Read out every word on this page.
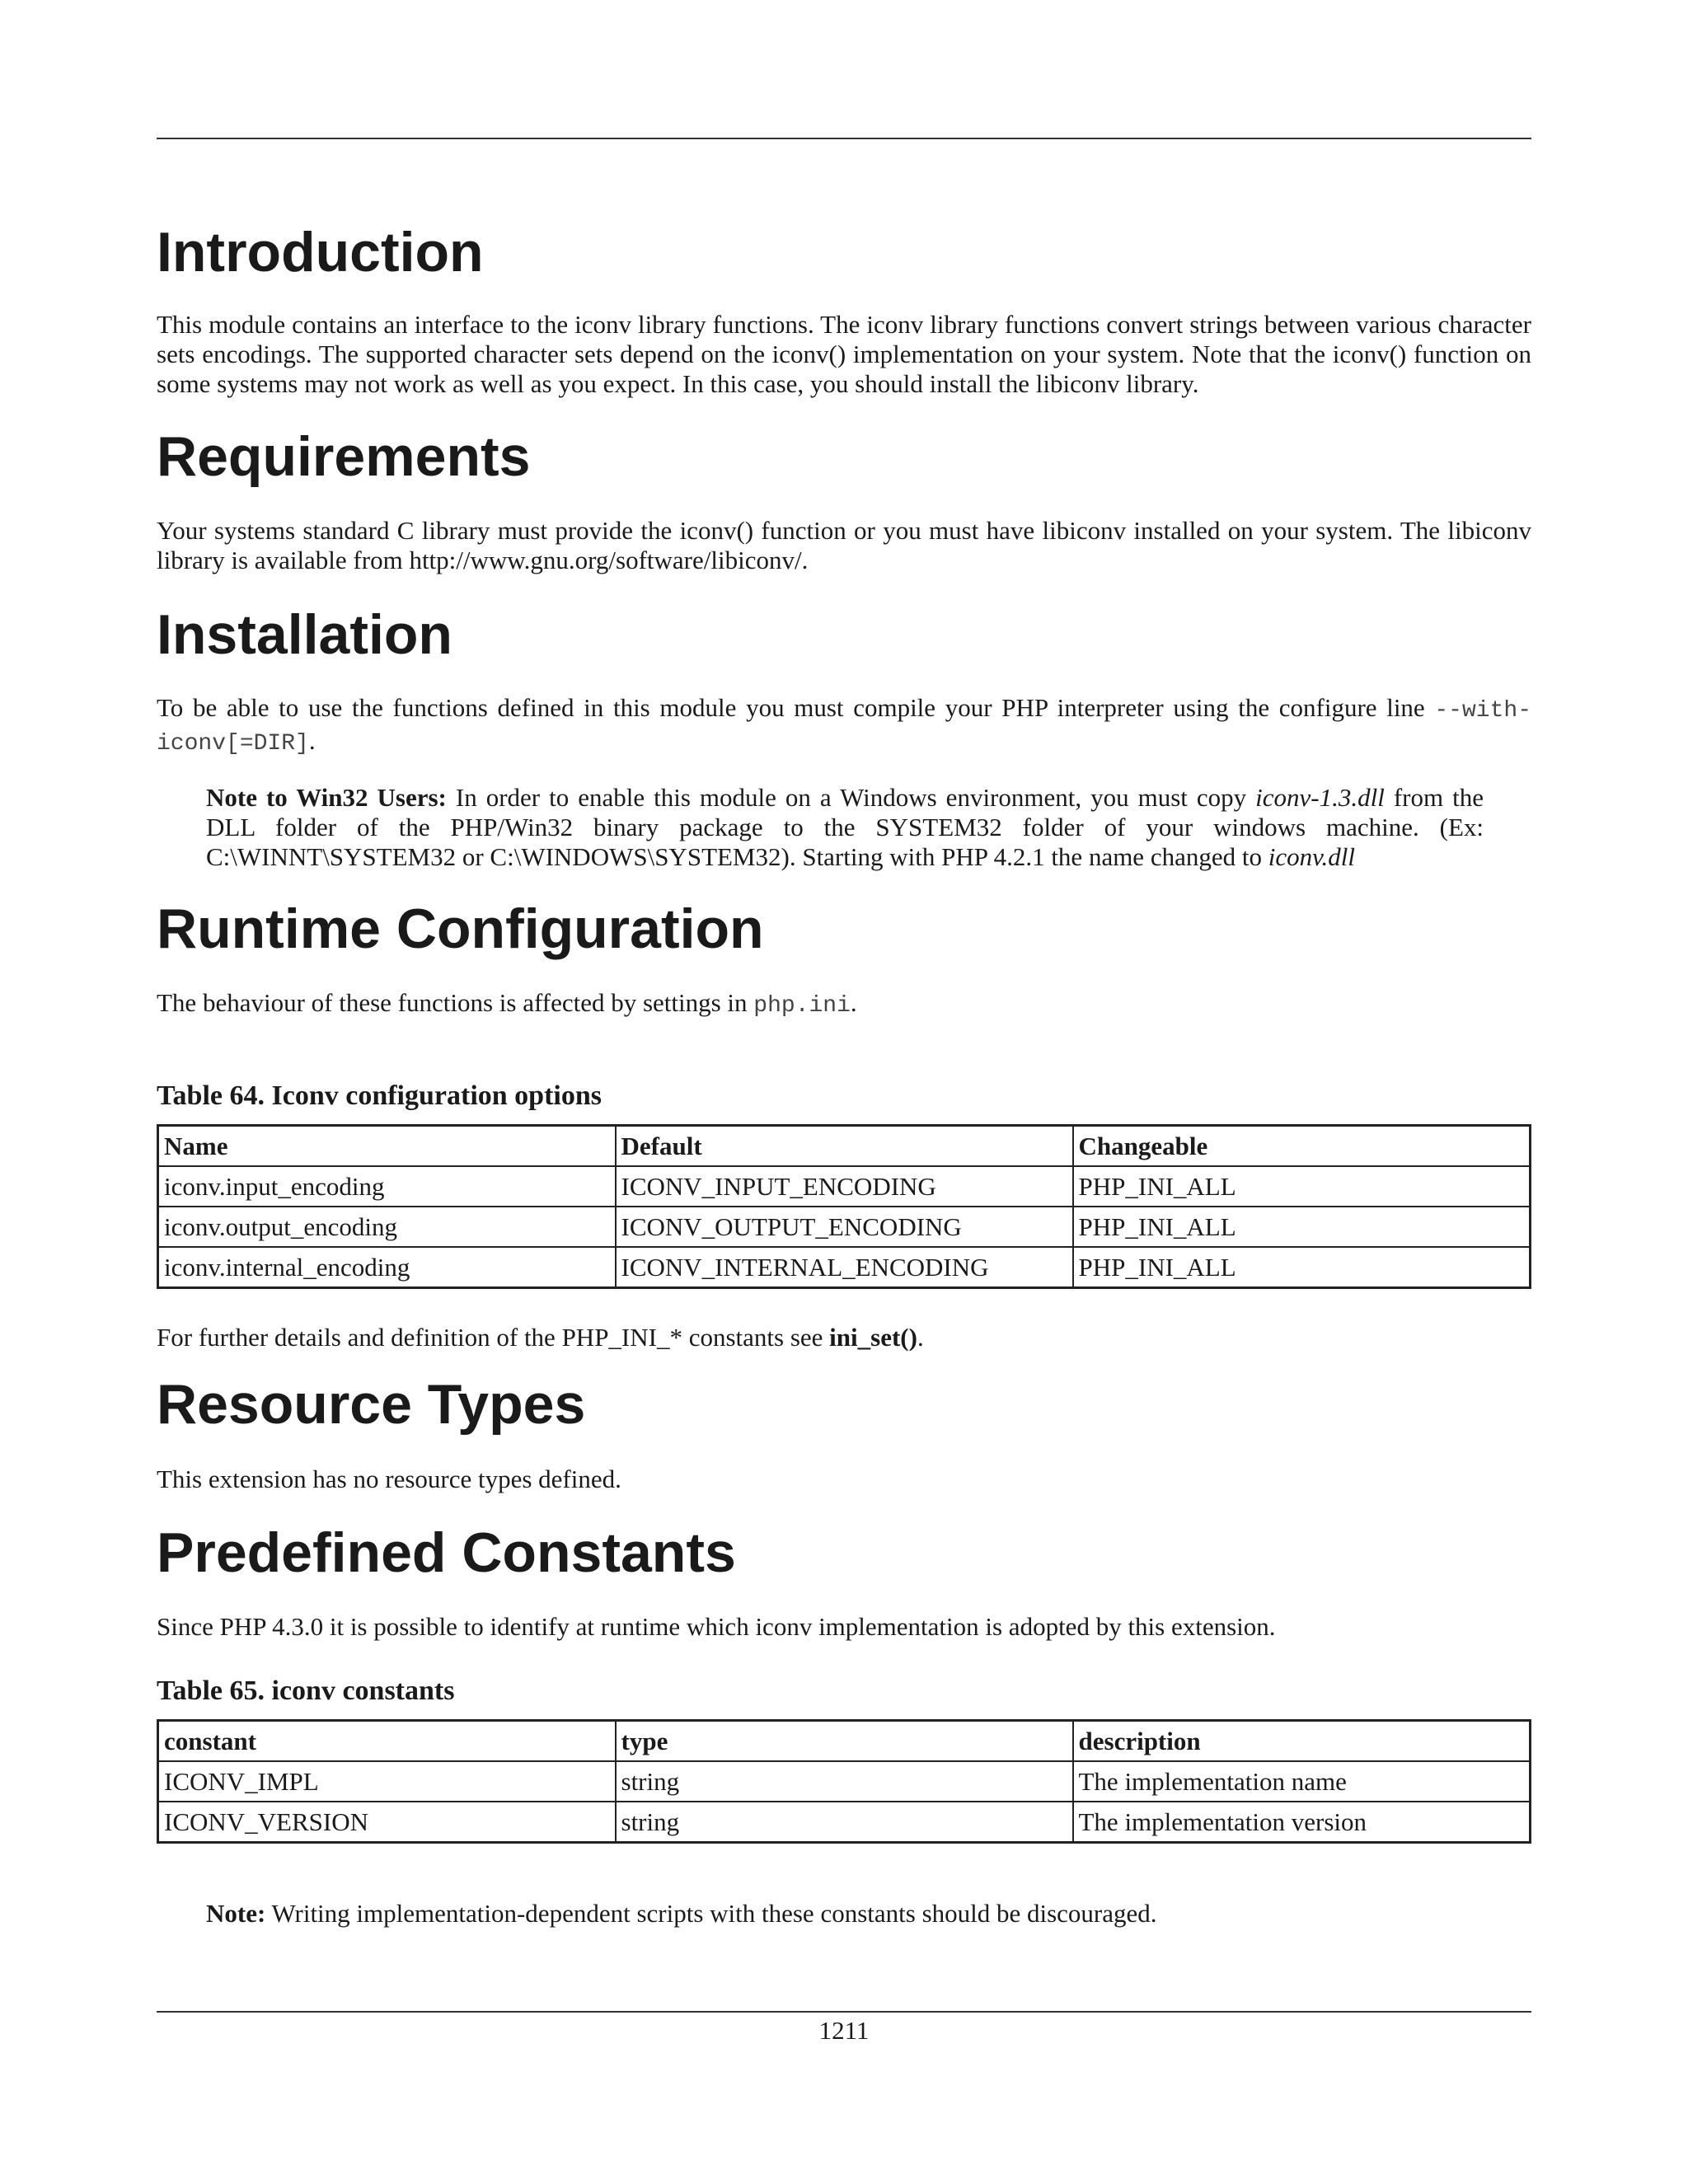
Introduction

This module contains an interface to the iconv library functions. The iconv library functions convert strings between various character sets encodings. The supported character sets depend on the iconv() implementation on your system. Note that the iconv() function on some systems may not work as well as you expect. In this case, you should install the libiconv library.

Requirements

Your systems standard C library must provide the iconv() function or you must have libiconv installed on your system. The libiconv library is available from http://www.gnu.org/software/libiconv/.

Installation

To be able to use the functions defined in this module you must compile your PHP interpreter using the configure line --with-iconv[=DIR].

Note to Win32 Users: In order to enable this module on a Windows environment, you must copy iconv-1.3.dll from the DLL folder of the PHP/Win32 binary package to the SYSTEM32 folder of your windows machine. (Ex: C:\WINNT\SYSTEM32 or C:\WINDOWS\SYSTEM32). Starting with PHP 4.2.1 the name changed to iconv.dll

Runtime Configuration

The behaviour of these functions is affected by settings in php.ini.

Table 64. Iconv configuration options
Name	Default	Changeable
iconv.input_encoding	ICONV_INPUT_ENCODING	PHP_INI_ALL
iconv.output_encoding	ICONV_OUTPUT_ENCODING	PHP_INI_ALL
iconv.internal_encoding	ICONV_INTERNAL_ENCODING	PHP_INI_ALL

For further details and definition of the PHP_INI_* constants see ini_set().

Resource Types

This extension has no resource types defined.

Predefined Constants

Since PHP 4.3.0 it is possible to identify at runtime which iconv implementation is adopted by this extension.

Table 65. iconv constants
constant	type	description
ICONV_IMPL	string	The implementation name
ICONV_VERSION	string	The implementation version

Note: Writing implementation-dependent scripts with these constants should be discouraged.

1211
